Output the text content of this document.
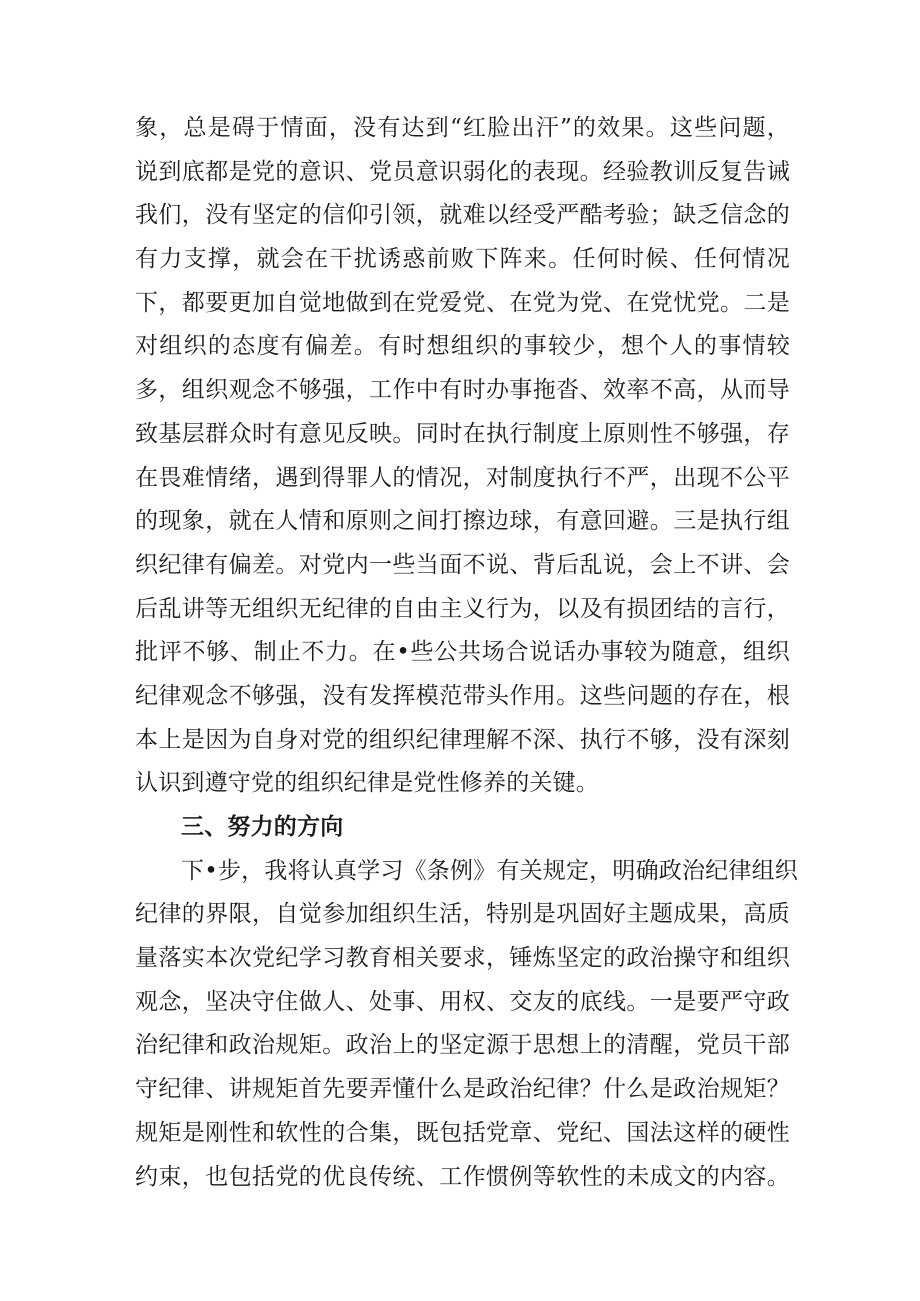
象，总是碍于情面，没有达到“红脸出汗”的效果。这些问题，
说到底都是党的意识、党员意识弱化的表现。经验教训反复告诫
我们，没有坚定的信仰引领，就难以经受严酷考验；缺乏信念的
有力支撑，就会在干扰诱惑前败下阵来。任何时候、任何情况
下，都要更加自觉地做到在党爱党、在党为党、在党忧党。二是
对组织的态度有偏差。有时想组织的事较少，想个人的事情较
多，组织观念不够强，工作中有时办事拖沓、效率不高，从而导
致基层群众时有意见反映。同时在执行制度上原则性不够强，存
在畏难情绪，遇到得罪人的情况，对制度执行不严，出现不公平
的现象，就在人情和原则之间打擦边球，有意回避。三是执行组
织纪律有偏差。对党内一些当面不说、背后乱说，会上不讲、会
后乱讲等无组织无纪律的自由主义行为，以及有损团结的言行，
批评不够、制止不力。在•些公共场合说话办事较为随意，组织
纪律观念不够强，没有发挥模范带头作用。这些问题的存在，根
本上是因为自身对党的组织纪律理解不深、执行不够，没有深刻
认识到遵守党的组织纪律是党性修养的关键。
三、努力的方向
下•步，我将认真学习《条例》有关规定，明确政治纪律组织
纪律的界限，自觉参加组织生活，特别是巩固好主题成果，高质
量落实本次党纪学习教育相关要求，锤炼坚定的政治操守和组织
观念，坚决守住做人、处事、用权、交友的底线。一是要严守政
治纪律和政治规矩。政治上的坚定源于思想上的清醒，党员干部
守纪律、讲规矩首先要弄懂什么是政治纪律？什么是政治规矩？
规矩是刚性和软性的合集，既包括党章、党纪、国法这样的硬性
约束，也包括党的优良传统、工作惯例等软性的未成文的内容。
